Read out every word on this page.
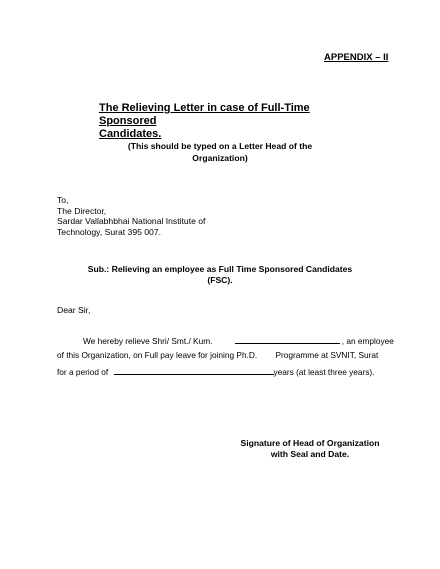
APPENDIX – II
The Relieving Letter in case of Full-Time Sponsored
Candidates.
(This should be typed on a Letter Head of the
Organization)
To,
The Director,
Sardar Vallabhbhai National Institute of
Technology, Surat 395 007.
Sub.: Relieving an employee as Full Time Sponsored Candidates
(FSC).
Dear Sir,
We hereby relieve Shri/ Smt./ Kum.	, an employee
of this Organization, on Full pay leave for joining Ph.D. Programme at SVNIT, Surat
for a period of	years (at least three years).
Signature of Head of Organization
with Seal and Date.
